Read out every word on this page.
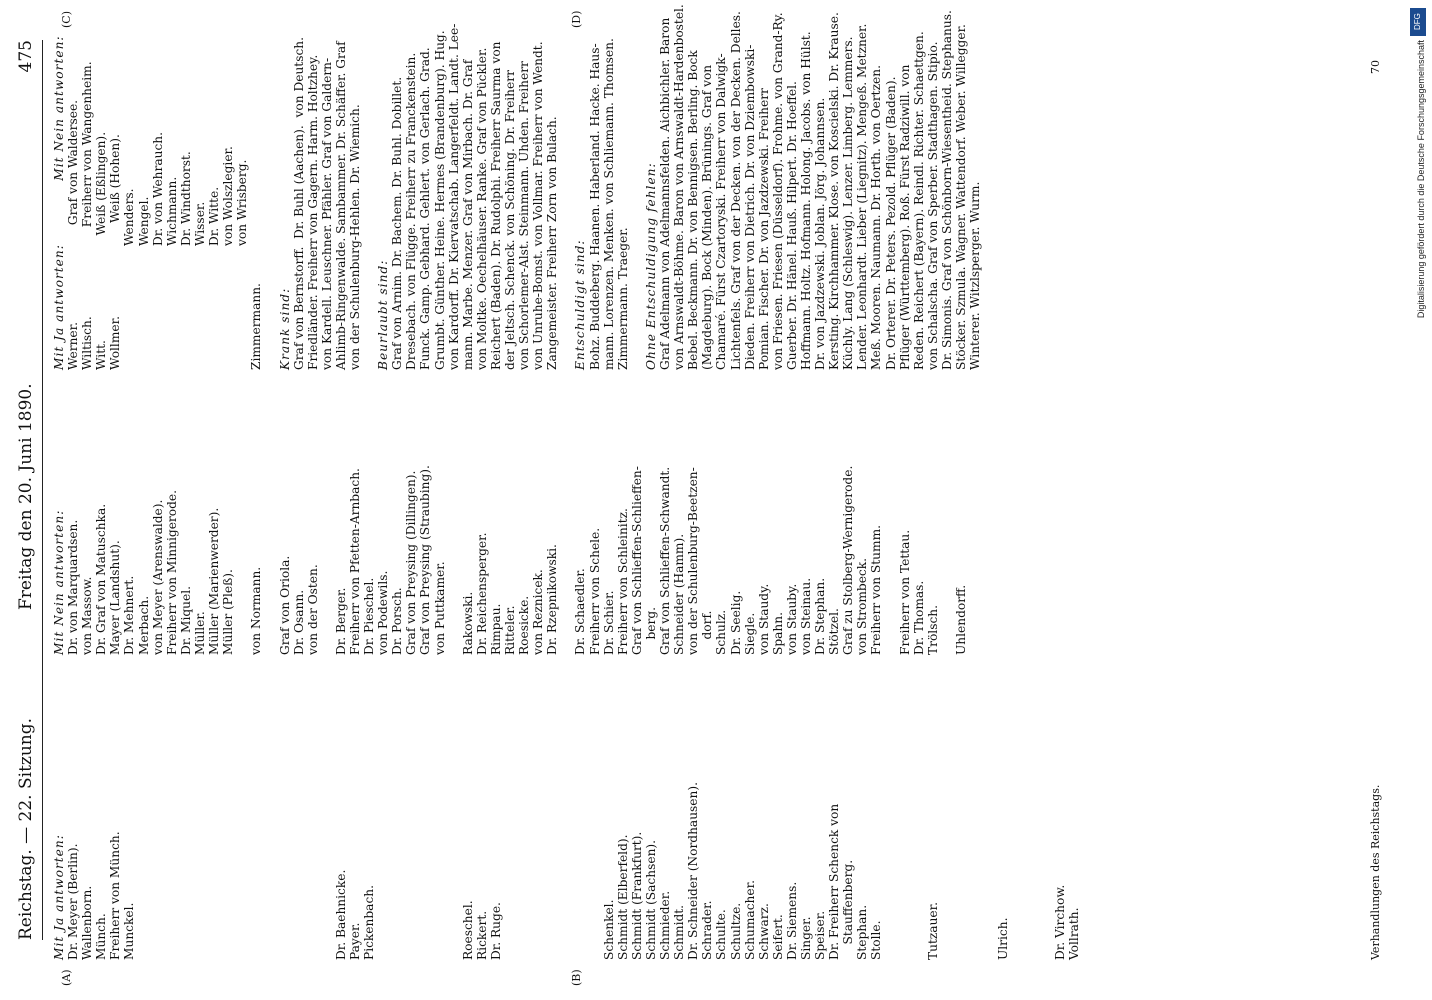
Reichstag. — 22. Sitzung.
Freitag den 20. Juni 1890.
475
(A)	(B)
(C)	(D)
Mit Ja antworten: Dr. Meyer (Berlin). Wallenborn. Münch. Freiherr von Münch. Munckel.	Dr. Baehnicke. Payer. Pickenbach.	Roeschel. Rickert. Dr. Ruge.	Schenkel. Schmidt (Elberfeld). Schmidt (Frankfurt). Schmidt (Sachsen). Schmieder. Schmidt. Dr. Schneider (Nordhausen). Schrader. Schulte. Schultze. Schumacher. Schwarz. Seifert. Dr. Siemens. Singer. Speiser. Dr. Freiherr Schenck von Stauffenberg. Stephan. Stolle.	Tutzauer.	Ulrich.	Dr. Virchow. Vollrath.
Mit Nein antworten: Dr. von Marquardsen. von Massow. Dr. Graf von Matuschka. Mayer (Landshut). Dr. Mehnert. Merbach. von Meyer (Arenswalde). Freiherr von Minnigerode. Dr. Miquel. Müller. Müller (Marienwerder). Müller (Pleß). von Normann. Graf von Oriola. Dr. Osann. von der Osten. Dr. Berger. Freiherr von Pfetten-Arnbach. Dr. Pieschel. von Podewils. Dr. Porsch. Graf von Preysing (Dillingen). Graf von Preysing (Straubing). von Puttkamer. Rakowski. Dr. Reichensperger. Rimpau. Ritteler. Roesicke. von Reznicek. Dr. Rzepnikowski. Dr. Schaedler. Freiherr von Schele. Dr. Schier. Freiherr von Schleinitz. Graf von Schlieffen-Schlieffen- berg. Graf von Schlieffen-Schwandt. Schneider (Hamm). von der Schulenburg-Beetzen- dorf. Schulz. Dr. Seelig. Siegle. von Staudy. Spahn. von Stauby. von Steinau. Dr. Stephan. Stötzel. Graf zu Stolberg-Wernigerode. von Strombeck. Freiherr von Stumm. Freiherr von Tettau. Dr. Thomas. Trölsch. Uhlendorff.
Mit Ja antworten:             Mit Nein antworten: Werner.                         Graf von Waldersee. Wiltisch.                       Freiherr von Wangenheim. Witt.                           Weiß (Eßlingen). Wollmer.                        Weiß (Hohen). Wenders. Wengel. Dr. von Wehrauch. Wichmann. Dr. Windthorst. Wisser. Dr. Witte. von Wolszlegier. von Wrisberg. Zimmermann. Krank sind: Graf von Bernstorff.  Dr. Buhl (Aachen).  von Deutsch. Friedländer. Freiherr von Gagern. Harm. Holtzhey. von Kardell. Leuschner. Pfähler. Graf von Galdern- Ahlimb-Ringenwalde. Sambammer. Dr. Schäffer. Graf von der Schulenburg-Hehlen. Dr. Wiemich. Beurlaubt sind: Graf von Arnim. Dr. Bachem. Dr. Buhl. Dobillet. Dresebach. von Flügge. Freiherr zu Franckenstein. Funck. Gamp. Gebhard. Gehlert. von Gerlach. Grad. Grumbt. Günther. Heine. Hermes (Brandenburg). Hug. von Kardorff. Dr. Kiervatschab. Langerfeldt. Landt. Lee- mann. Marbe. Menzer. Graf von Mirbach. Dr. Graf von Moltke. Oechelhäuser. Ranke. Graf von Pückler. Reichert (Baden). Dr. Rudolphi. Freiherr Saurma von der Jeltsch. Schenck. von Schöning. Dr. Freiherr von Schorlemer-Alst. Steinmann. Uhden. Freiherr von Unruhe-Bomst. von Vollmar. Freiherr von Wendt. Zangemeister. Freiherr Zorn von Bulach. Entschuldigt sind: Bohz. Buddeberg. Haanen. Haberland. Hacke. Haus- mann. Lorenzen. Menken. von Schliemann. Thomsen. Zimmermann. Traeger. Ohne Entschuldigung fehlen: Graf Adelmann von Adelmannsfelden. Aichbichler. Baron von Arnswaldt-Böhme. Baron von Arnswaldt-Hardenbostel. Bebel. Beckmann. Dr. von Bennigsen. Berling. Bock (Magdeburg). Bock (Minden). Brünings. Graf von Chamaré. Fürst Czartoryski. Freiherr von Dalwigk- Lichtenfels. Graf von der Decken. von der Decken. Delles. Dieden. Freiherr von Dietrich. Dr. von Dziembowski- Pomian. Fischer. Dr. von Jazdzewski. Freiherr von Friesen. Friesen (Düsseldorf). Frohme. von Grand-Ry. Guerber. Dr. Hänel. Hauß. Hilpert. Dr. Hoeffel. Hoffmann. Holtz. Hofmann. Holong. Jacobs. von Hülst. Dr. von Jazdzewski. Joblan. Jörg. Johannsen. Kersting. Kirchhammer. Klose. von Koscielski. Dr. Krause. Küchly. Lang (Schleswig). Lenzer. Limberg. Lemmers. Lender. Leonhardt. Lieber (Liegnitz). Mengeß. Metzner. Meß. Mooren. Naumann. Dr. Horth. von Oertzen. Dr. Orterer. Dr. Peters. Pezold. Pflüger (Baden). Pflüger (Württemberg). Roß. Fürst Radziwill. von Reden. Reichert (Bayern). Reindl. Richter. Schaettgen. von Schalscha. Graf von Sperber. Stadthagen. Stipio. Dr. Simonis. Graf von Schönborn-Wiesentheid. Stephanus. Stöcker. Szmula. Wagner. Wattendorf. Weber. Willegger. Winterer. Witzlsperger. Wurm.
Verhandlungen des Reichstags.
70
DFG
Digitalisierung gefördert durch die Deutsche Forschungsgemeinschaft
